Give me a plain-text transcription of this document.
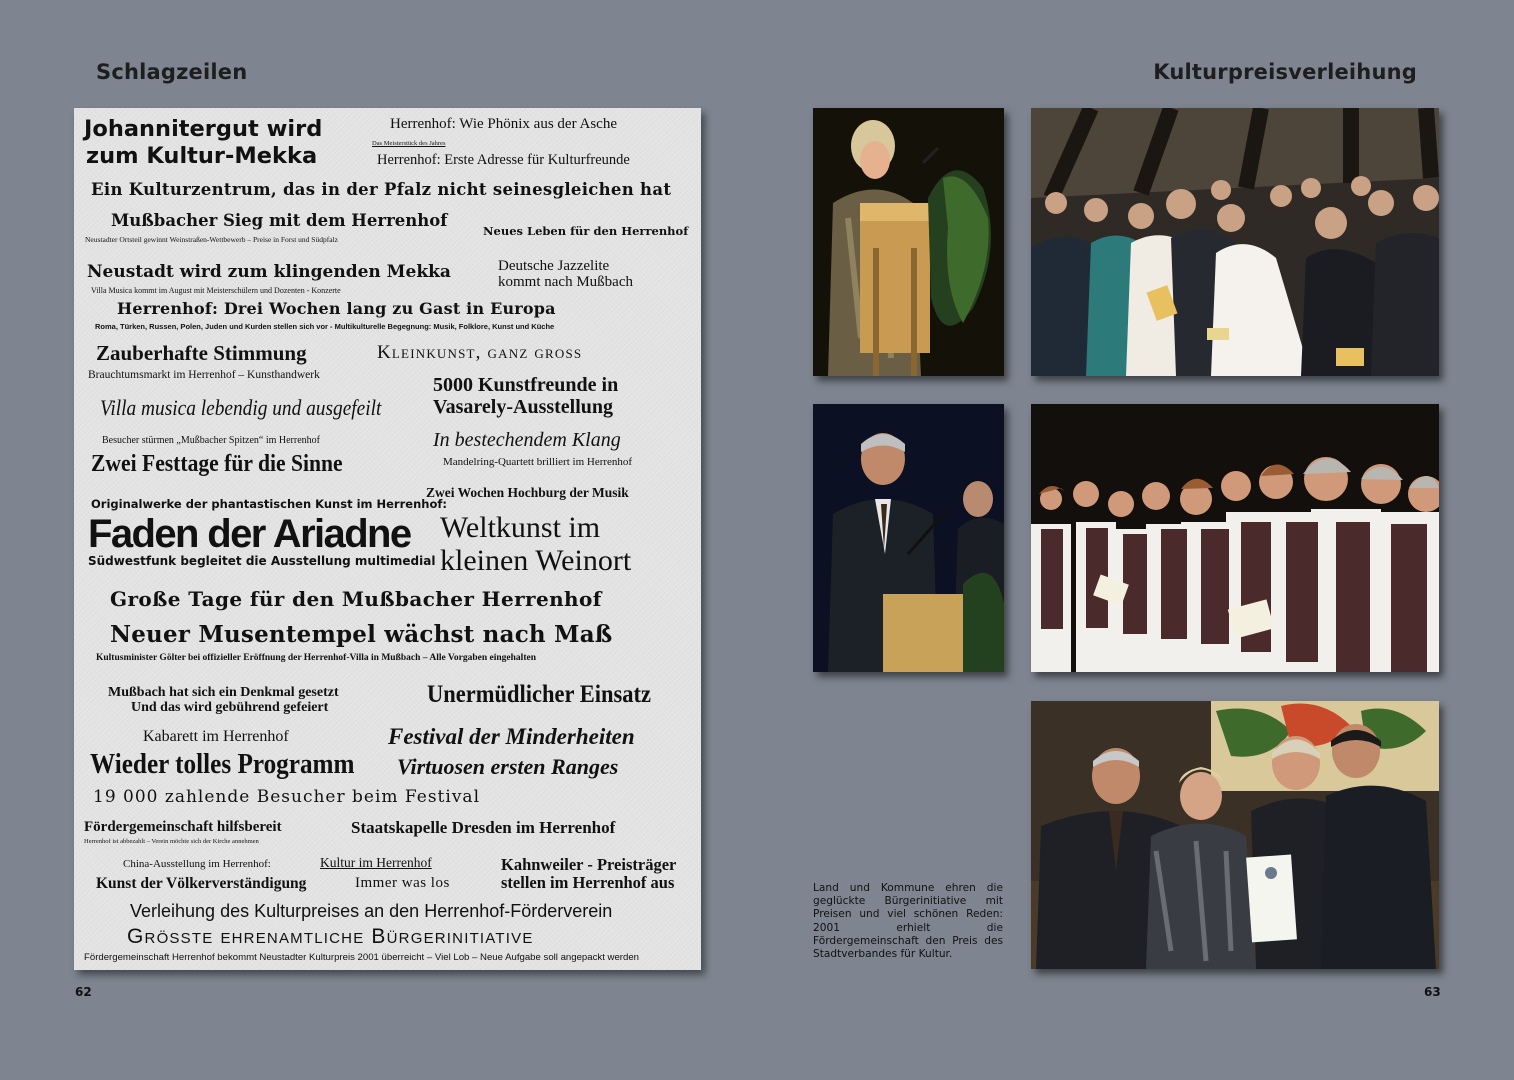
Schlagzeilen	Kulturpreisverleihung
Johannitergut wird
zum Kultur-Mekka
Herrenhof: Wie Phönix aus der Asche
Das Meisterstück des Jahres
Herrenhof: Erste Adresse für Kulturfreunde
Ein Kulturzentrum, das in der Pfalz nicht seinesgleichen hat
Mußbacher Sieg mit dem Herrenhof
Neustadter Ortsteil gewinnt Weinstraßen-Wettbewerb – Preise in Forst und Südpfalz
Neues Leben für den Herrenhof
Neustadt wird zum klingenden Mekka
Villa Musica kommt im August mit Meisterschülern und Dozenten - Konzerte
Deutsche Jazzelite
kommt nach Mußbach
Herrenhof: Drei Wochen lang zu Gast in Europa
Roma, Türken, Russen, Polen, Juden und Kurden stellen sich vor - Multikulturelle Begegnung: Musik, Folklore, Kunst und Küche
Zauberhafte Stimmung	Kleinkunst, ganz gross
Brauchtumsmarkt im Herrenhof – Kunsthandwerk	5000 Kunstfreunde in
Vasarely-Ausstellung
Villa musica lebendig und ausgefeilt
Besucher stürmen „Mußbacher Spitzen“ im Herrenhof	In bestechendem Klang
Mandelring-Quartett brilliert im Herrenhof
Zwei Festtage für die Sinne
Zwei Wochen Hochburg der Musik
Originalwerke der phantastischen Kunst im Herrenhof:
Faden der Ariadne
Südwestfunk begleitet die Ausstellung multimedial
Weltkunst im
kleinen Weinort
Große Tage für den Mußbacher Herrenhof
Neuer Musentempel wächst nach Maß
Kultusminister Gölter bei offizieller Eröffnung der Herrenhof-Villa in Mußbach – Alle Vorgaben eingehalten
Mußbach hat sich ein Denkmal gesetzt
Und das wird gebührend gefeiert	Unermüdlicher Einsatz
Kabarett im Herrenhof	Festival der Minderheiten
Wieder tolles Programm Virtuosen ersten Ranges
19 000 zahlende Besucher beim Festival
Fördergemeinschaft hilfsbereit
Herrenhof ist abbezahlt – Verein möchte sich der Kirche annehmen
Staatskapelle Dresden im Herrenhof
China-Ausstellung im Herrenhof:	Kultur im Herrenhof	Kahnweiler - Preisträger
Kunst der Völkerverständigung	Immer was los	stellen im Herrenhof aus
Verleihung des Kulturpreises an den Herrenhof-Förderverein
Grösste ehrenamtliche Bürgerinitiative
Fördergemeinschaft Herrenhof bekommt Neustadter Kulturpreis 2001 überreicht – Viel Lob – Neue Aufgabe soll angepackt werden
62
Land und Kommune ehren die geglückte Bürgerinitiative mit Preisen und viel schönen Reden: 2001 erhielt die Fördergemeinschaft den Preis des Stadtverbandes für Kultur.
63
